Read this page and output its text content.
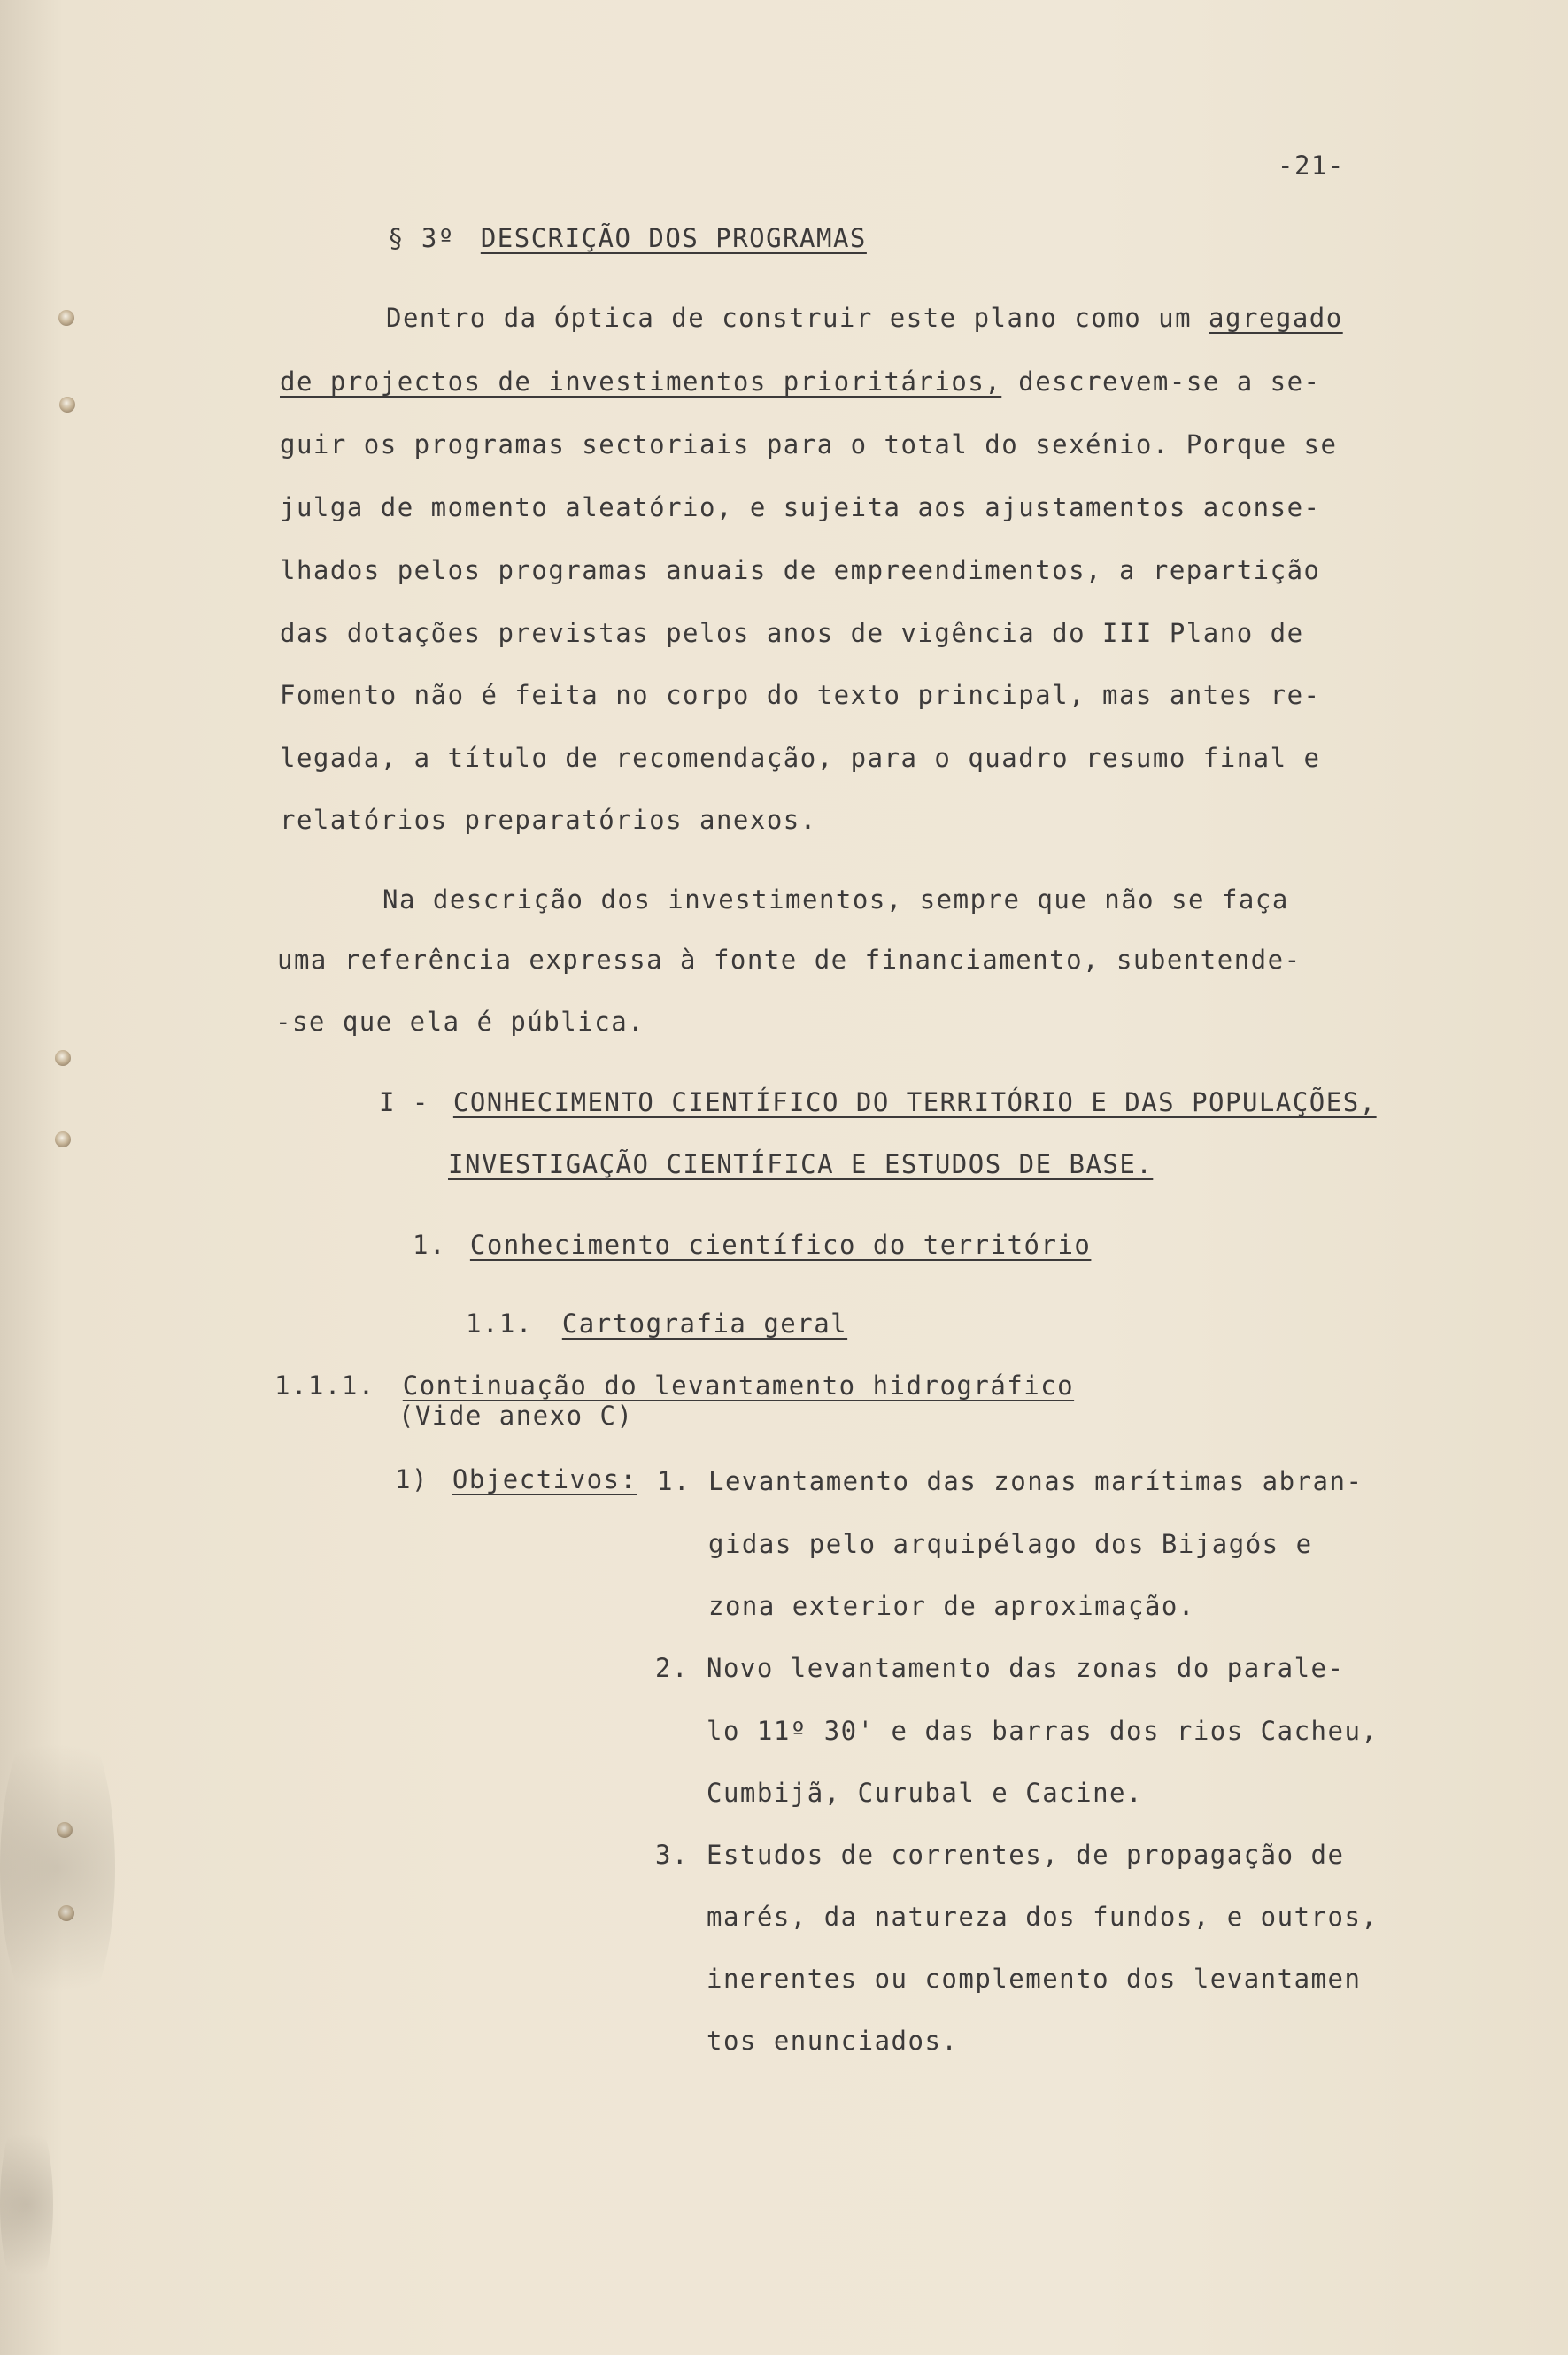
-21-
§ 3º DESCRIÇÃO DOS PROGRAMAS
Dentro da óptica de construir este plano como um agregado
de projectos de investimentos prioritários, descrevem-se a se-
guir os programas sectoriais para o total do sexénio. Porque se
julga de momento aleatório, e sujeita aos ajustamentos aconse-
lhados pelos programas anuais de empreendimentos, a repartição
das dotações previstas pelos anos de vigência do III Plano de
Fomento não é feita no corpo do texto principal, mas antes re-
legada, a título de recomendação, para o quadro resumo final e
relatórios preparatórios anexos.
Na descrição dos investimentos, sempre que não se faça
uma referência expressa à fonte de financiamento, subentende-
-se que ela é pública.
I - CONHECIMENTO CIENTÍFICO DO TERRITÓRIO E DAS POPULAÇÕES,
INVESTIGAÇÃO CIENTÍFICA E ESTUDOS DE BASE.
1. Conhecimento científico do território
1.1. Cartografia geral
1.1.1. Continuação do levantamento hidrográfico
(Vide anexo C)
1) Objectivos: 1. Levantamento das zonas marítimas abran-
gidas pelo arquipélago dos Bijagós e
zona exterior de aproximação.
2. Novo levantamento das zonas do parale-
lo 11º 30' e das barras dos rios Cacheu,
Cumbijã, Curubal e Cacine.
3. Estudos de correntes, de propagação de
marés, da natureza dos fundos, e outros,
inerentes ou complemento dos levantamen
tos enunciados.
